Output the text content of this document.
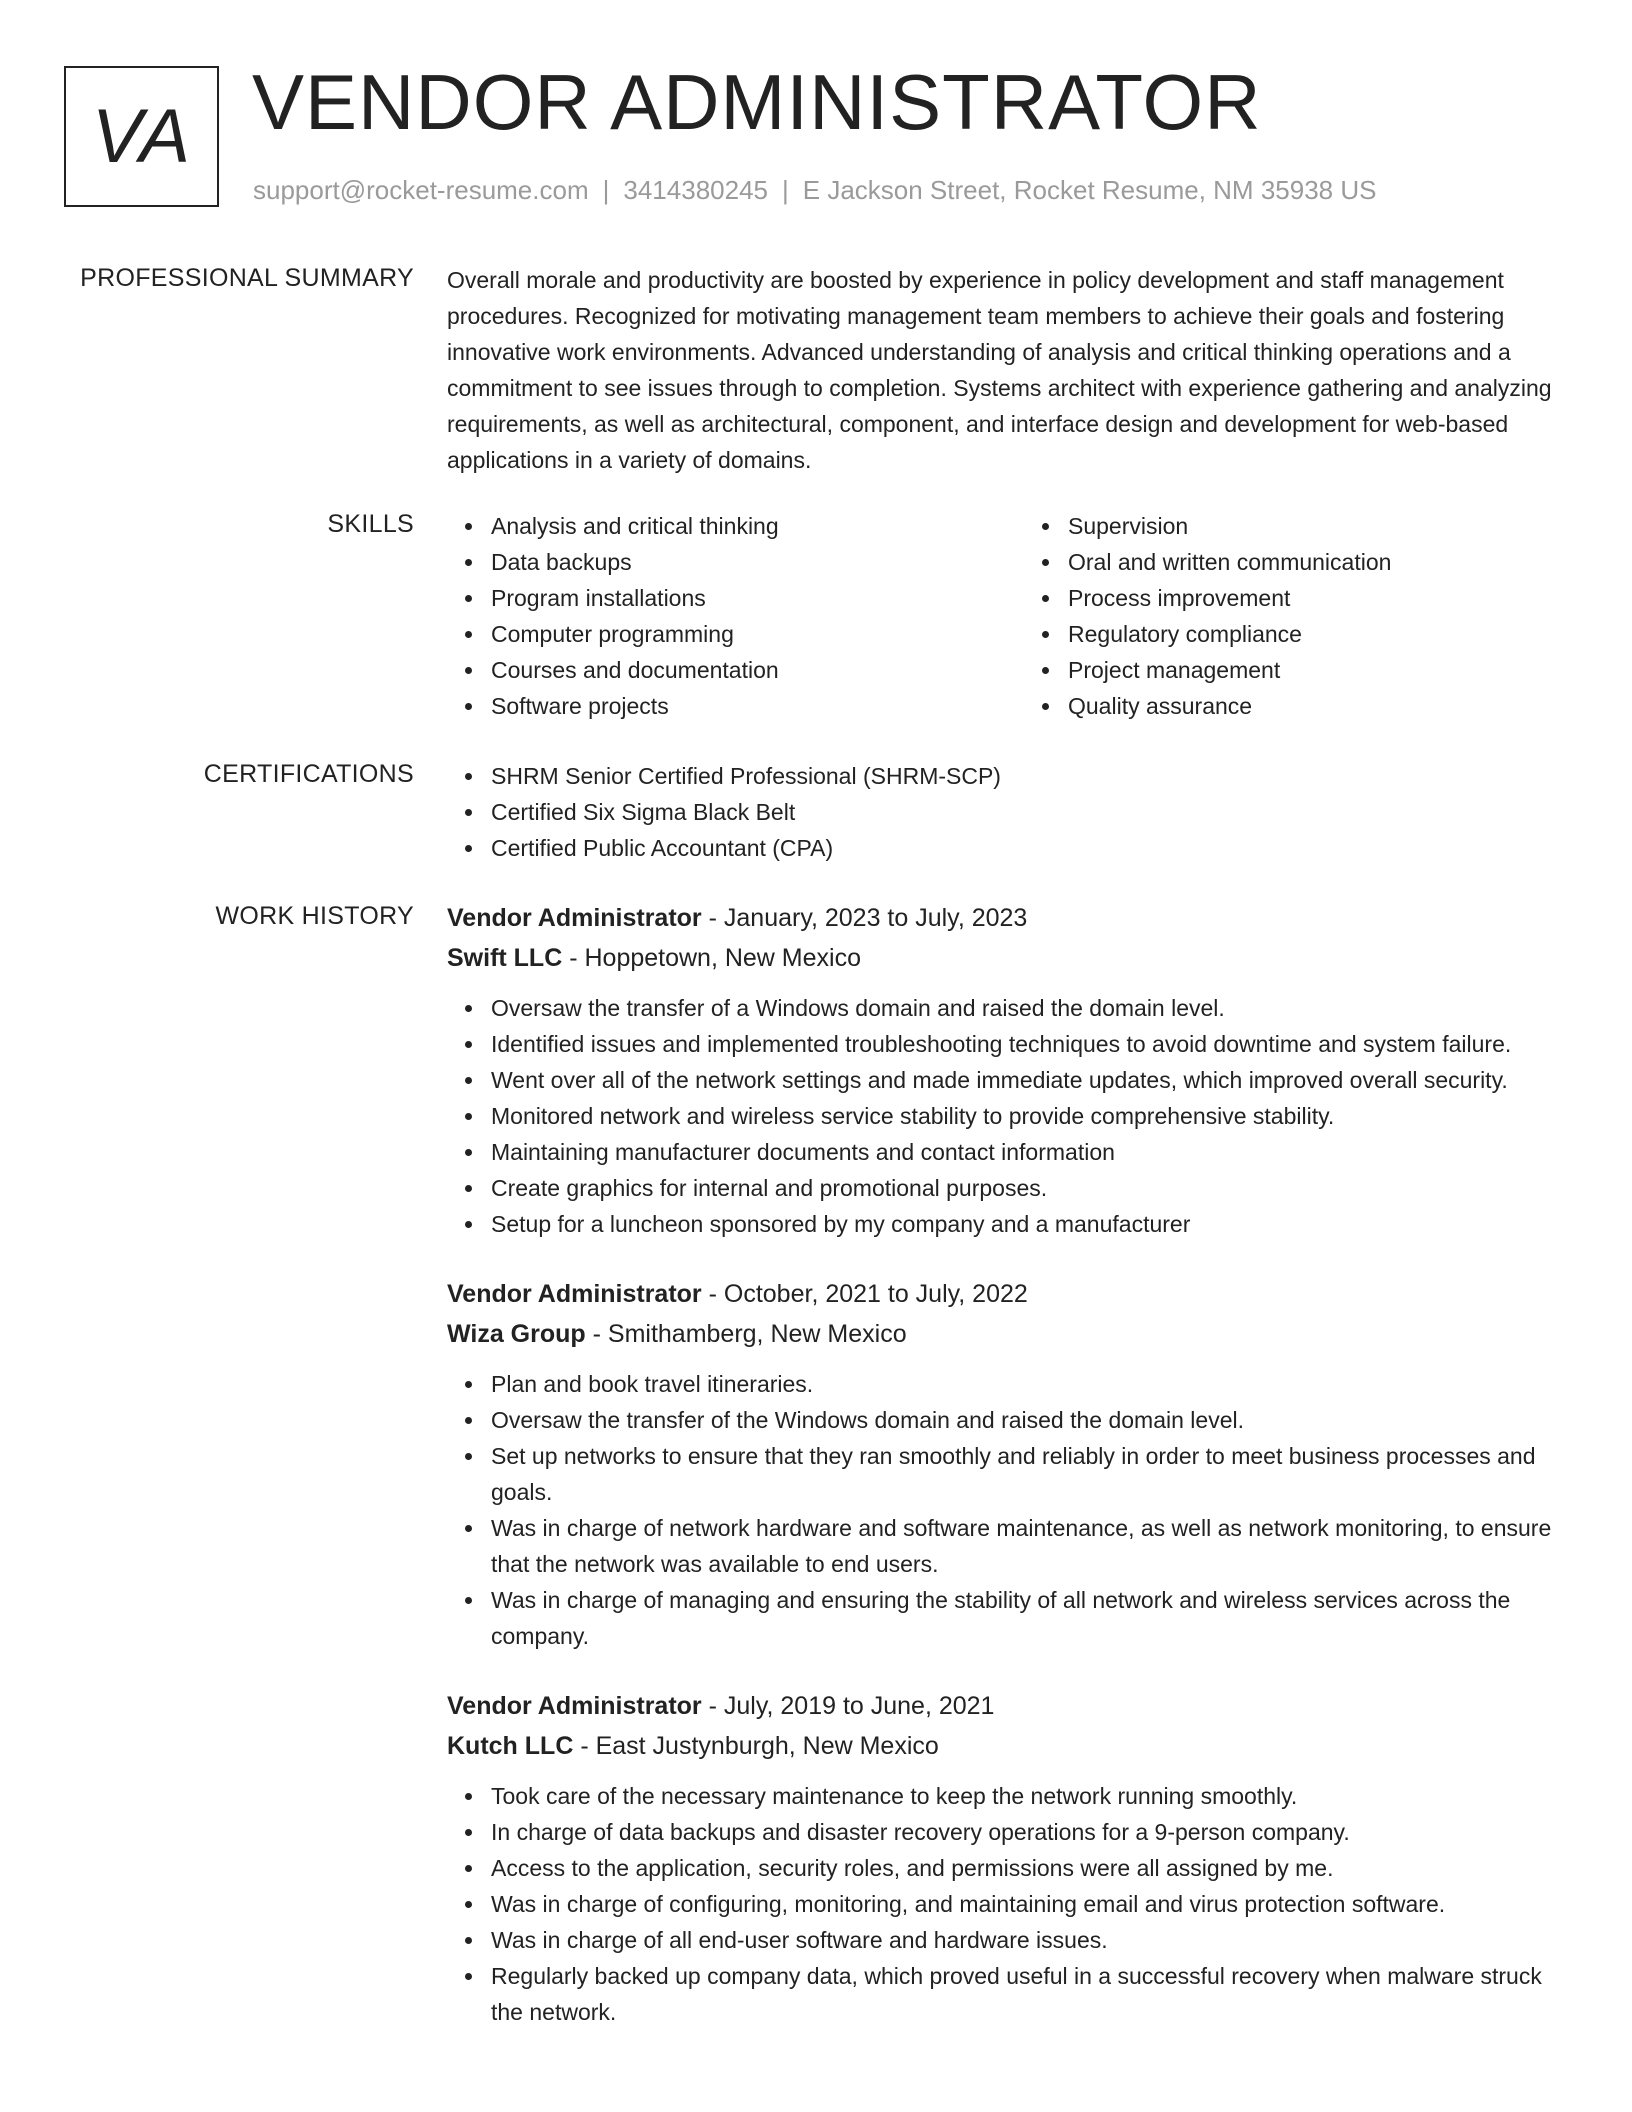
VA VENDOR ADMINISTRATOR
support@rocket-resume.com | 3414380245 | E Jackson Street, Rocket Resume, NM 35938 US
PROFESSIONAL SUMMARY Overall morale and productivity are boosted by experience in policy development and staff management procedures. Recognized for motivating management team members to achieve their goals and fostering innovative work environments. Advanced understanding of analysis and critical thinking operations and a commitment to see issues through to completion. Systems architect with experience gathering and analyzing requirements, as well as architectural, component, and interface design and development for web-based applications in a variety of domains.

SKILLS	Analysis and critical thinking
Data backups
Program installations
Computer programming
Courses and documentation
Software projects
Supervision
Oral and written communication
Process improvement
Regulatory compliance
Project management
Quality assurance
CERTIFICATIONS	SHRM Senior Certified Professional (SHRM-SCP)
Certified Six Sigma Black Belt
Certified Public Accountant (CPA)
WORK HISTORY Vendor Administrator - January, 2023 to July, 2023
Swift LLC - Hoppetown, New Mexico
Oversaw the transfer of a Windows domain and raised the domain level.
Identified issues and implemented troubleshooting techniques to avoid downtime and system failure.
Went over all of the network settings and made immediate updates, which improved overall security.
Monitored network and wireless service stability to provide comprehensive stability.
Maintaining manufacturer documents and contact information
Create graphics for internal and promotional purposes.
Setup for a luncheon sponsored by my company and a manufacturer
Vendor Administrator - October, 2021 to July, 2022
Wiza Group - Smithamberg, New Mexico
Plan and book travel itineraries.
Oversaw the transfer of the Windows domain and raised the domain level.
Set up networks to ensure that they ran smoothly and reliably in order to meet business processes and goals.
Was in charge of network hardware and software maintenance, as well as network monitoring, to ensure that the network was available to end users.
Was in charge of managing and ensuring the stability of all network and wireless services across the company.
Vendor Administrator - July, 2019 to June, 2021
Kutch LLC - East Justynburgh, New Mexico
Took care of the necessary maintenance to keep the network running smoothly.
In charge of data backups and disaster recovery operations for a 9-person company.
Access to the application, security roles, and permissions were all assigned by me.
Was in charge of configuring, monitoring, and maintaining email and virus protection software.
Was in charge of all end-user software and hardware issues.
Regularly backed up company data, which proved useful in a successful recovery when malware struck the network.
